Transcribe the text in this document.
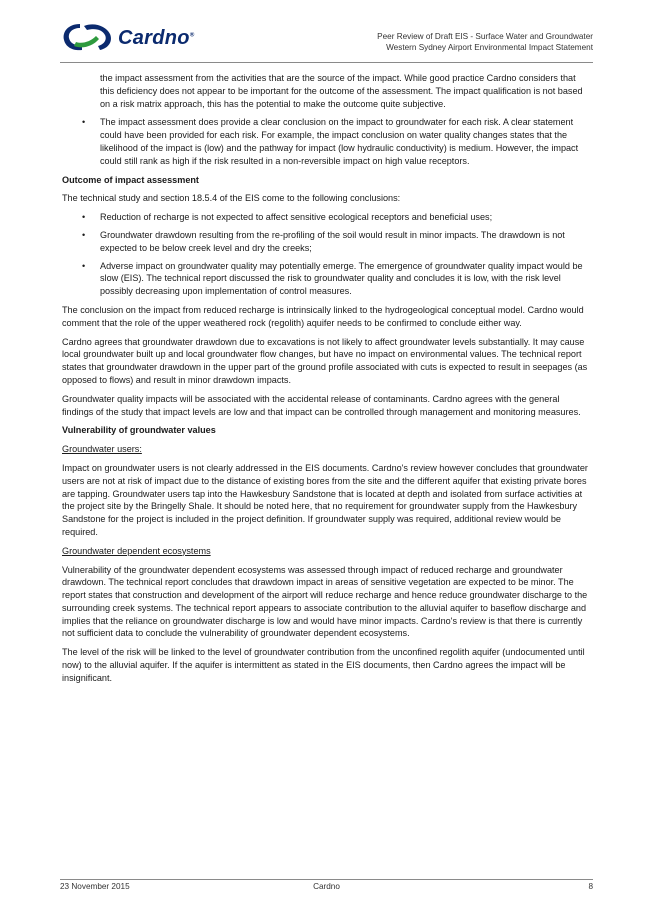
Cardno®	Peer Review of Draft EIS - Surface Water and Groundwater
Western Sydney Airport Environmental Impact Statement

the impact assessment from the activities that are the source of the impact. While good practice Cardno considers that this deficiency does not appear to be important for the outcome of the assessment. The impact qualification is not based on a risk matrix approach, this has the potential to make the outcome quite subjective.

• The impact assessment does provide a clear conclusion on the impact to groundwater for each risk. A clear statement could have been provided for each risk. For example, the impact conclusion on water quality changes states that the likelihood of the impact is (low) and the pathway for impact (low hydraulic conductivity) is medium. However, the impact could still rank as high if the risk resulted in a non-reversible impact on high value receptors.
Outcome of impact assessment

The technical study and section 18.5.4 of the EIS come to the following conclusions:

• Reduction of recharge is not expected to affect sensitive ecological receptors and beneficial uses;
• Groundwater drawdown resulting from the re-profiling of the soil would result in minor impacts. The drawdown is not expected to be below creek level and dry the creeks;
• Adverse impact on groundwater quality may potentially emerge. The emergence of groundwater quality impact would be slow (EIS). The technical report discussed the risk to groundwater quality and concludes it is low, with the risk level possibly decreasing upon implementation of control measures.

The conclusion on the impact from reduced recharge is intrinsically linked to the hydrogeological conceptual model. Cardno would comment that the role of the upper weathered rock (regolith) aquifer needs to be confirmed to conclude either way.

Cardno agrees that groundwater drawdown due to excavations is not likely to affect groundwater levels substantially. It may cause local groundwater built up and local groundwater flow changes, but have no impact on environmental values. The technical report states that groundwater drawdown in the upper part of the ground profile associated with cuts is expected to result in seepages (as opposed to flows) and result in minor drawdown impacts.

Groundwater quality impacts will be associated with the accidental release of contaminants. Cardno agrees with the general findings of the study that impact levels are low and that impact can be controlled through management and monitoring measures.

Vulnerability of groundwater values
Groundwater users:

Impact on groundwater users is not clearly addressed in the EIS documents. Cardno's review however concludes that groundwater users are not at risk of impact due to the distance of existing bores from the site and the different aquifer that existing private bores are tapping. Groundwater users tap into the Hawkesbury Sandstone that is located at depth and isolated from surface activities at the project site by the Bringelly Shale. It should be noted here, that no requirement for groundwater supply from the Hawkesbury Sandstone for the project is included in the project definition. If groundwater supply was required, additional review would be required.

Groundwater dependent ecosystems

Vulnerability of the groundwater dependent ecosystems was assessed through impact of reduced recharge and groundwater drawdown. The technical report concludes that drawdown impact in areas of sensitive vegetation are expected to be minor. The report states that construction and development of the airport will reduce recharge and hence reduce groundwater discharge to the surrounding creek systems. The technical report appears to associate contribution to the alluvial aquifer to baseflow discharge and implies that the reliance on groundwater discharge is low and would have minor impacts. Cardno's review is that there is currently not sufficient data to conclude the vulnerability of groundwater dependent ecosystems.

The level of the risk will be linked to the level of groundwater contribution from the unconfined regolith aquifer (undocumented until now) to the alluvial aquifer. If the aquifer is intermittent as stated in the EIS documents, then Cardno agrees the impact will be insignificant.

23 November 2015	Cardno	8
